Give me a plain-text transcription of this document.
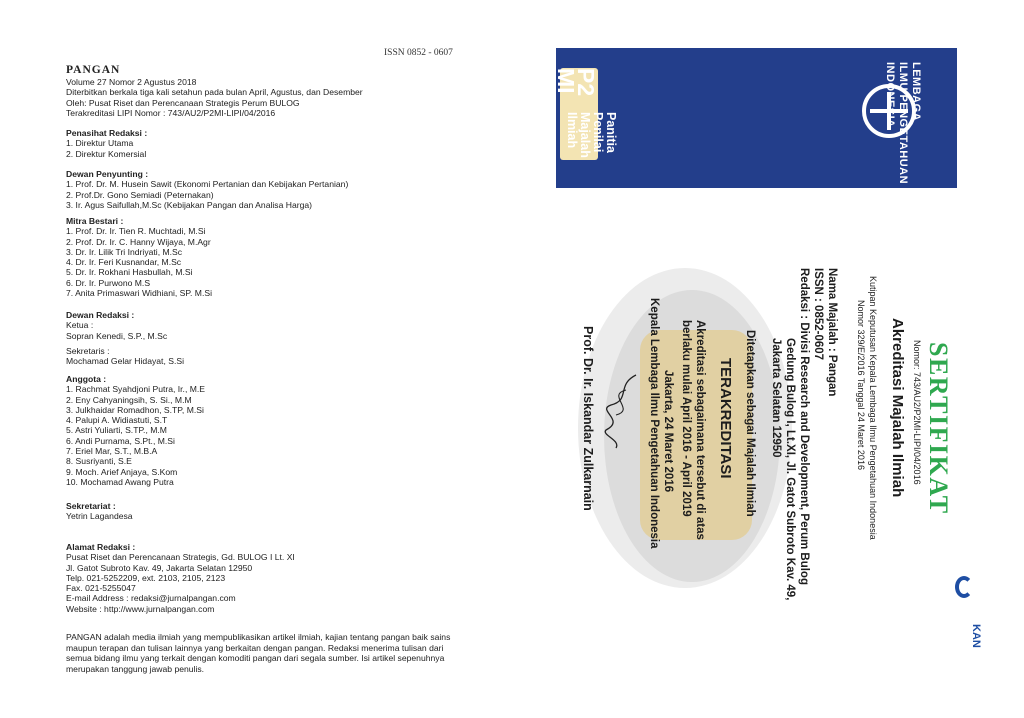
ISSN 0852 - 0607
PANGAN
Volume 27 Nomor 2 Agustus 2018
Diterbitkan berkala tiga kali setahun pada bulan April, Agustus, dan Desember
Oleh: Pusat Riset dan Perencanaan Strategis Perum BULOG
Terakreditasi LIPI Nomor : 743/AU2/P2MI-LIPI/04/2016
Penasihat Redaksi :
1. Direktur Utama
2. Direktur Komersial
Dewan Penyunting :
1. Prof. Dr. M. Husein Sawit (Ekonomi Pertanian dan Kebijakan Pertanian)
2. Prof.Dr. Gono Semiadi (Peternakan)
3. Ir. Agus Saifullah,M.Sc (Kebijakan Pangan dan Analisa Harga)
Mitra Bestari :
1. Prof. Dr. Ir. Tien R. Muchtadi, M.Si
2. Prof. Dr. Ir. C. Hanny Wijaya, M.Agr
3. Dr. Ir. Lilik Tri Indriyati, M.Sc
4. Dr. Ir. Feri Kusnandar, M.Sc
5. Dr. Ir. Rokhani Hasbullah, M.Si
6. Dr. Ir. Purwono M.S
7. Anita Primaswari Widhiani, SP. M.Si
Dewan Redaksi :
Ketua :
Sopran Kenedi, S.P., M.Sc
Sekretaris :
Mochamad Gelar Hidayat, S.Si
Anggota :
1. Rachmat Syahdjoni Putra, Ir., M.E
2. Eny Cahyaningsih, S. Si., M.M
3. Julkhaidar Romadhon, S.TP, M.Si
4. Palupi A. Widiastuti, S.T
5. Astri Yuliarti, S.TP., M.M
6. Andi Purnama, S.Pt., M.Si
7. Eriel Mar, S.T., M.B.A
8. Susriyanti, S.E
9. Moch. Arief Anjaya, S.Kom
10. Mochamad Awang Putra
Sekretariat :
Yetrin Lagandesa
Alamat Redaksi :
Pusat Riset dan Perencanaan Strategis, Gd. BULOG I Lt. XI
Jl. Gatot Subroto Kav. 49, Jakarta Selatan 12950
Telp. 021-5252209, ext. 2103, 2105, 2123
Fax. 021-5255047
E-mail Address : redaksi@jurnalpangan.com
Website : http://www.jurnalpangan.com
PANGAN adalah media ilmiah yang mempublikasikan artikel ilmiah, kajian tentang pangan baik sains maupun terapan dan tulisan lainnya yang berkaitan dengan pangan. Redaksi menerima tulisan dari semua bidang ilmu yang terkait dengan komoditi pangan dari segala sumber. Isi artikel sepenuhnya merupakan tanggung jawab penulis.
LEMBAGA
ILMU PENGETAHUAN
INDONESIA
P2
MI
Panitia
Penilai
Majalah
Ilmiah
SERTIFIKAT
Nomor: 743/AU2/P2MI-LIPI/04/2016
Akreditasi Majalah Ilmiah
Kutipan Keputusan Kepala Lembaga Ilmu Pengetahuan Indonesia
Nomor 329/E/2016 Tanggal 24 Maret 2016
Nama Majalah : Pangan
ISSN : 0852-0607
Redaksi : Divisi Research and Development, Perum Bulog
Gedung Bulog I, Lt.XI, Jl. Gatot Subroto Kav. 49,
Jakarta Selatan 12950
Ditetapkan sebagai Majalah Ilmiah
TERAKREDITASI
Akreditasi sebagaimana tersebut di atas
berlaku mulai April 2016 - April 2019
Jakarta, 24 Maret 2016
Kepala Lembaga Ilmu Pengetahuan Indonesia
Prof. Dr. Ir. Iskandar Zulkarnain
KAN
